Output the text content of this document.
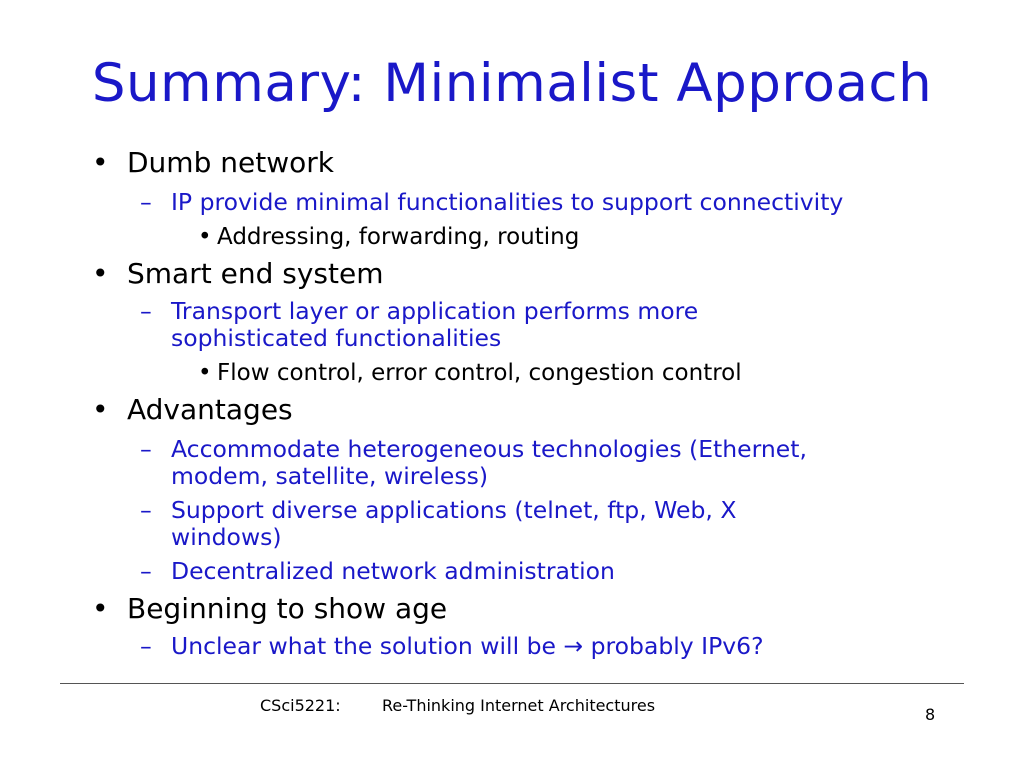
Summary: Minimalist Approach
• Dumb network
– IP provide minimal functionalities to support connectivity
• Addressing, forwarding, routing
• Smart end system
– Transport layer or application performs more
sophisticated functionalities
• Flow control, error control, congestion control
• Advantages
– Accommodate heterogeneous technologies (Ethernet,
modem, satellite, wireless)
– Support diverse applications (telnet, ftp, Web, X
windows)
– Decentralized network administration
• Beginning to show age
– Unclear what the solution will be → probably IPv6?
CSci5221:	Re-Thinking Internet Architectures	8
